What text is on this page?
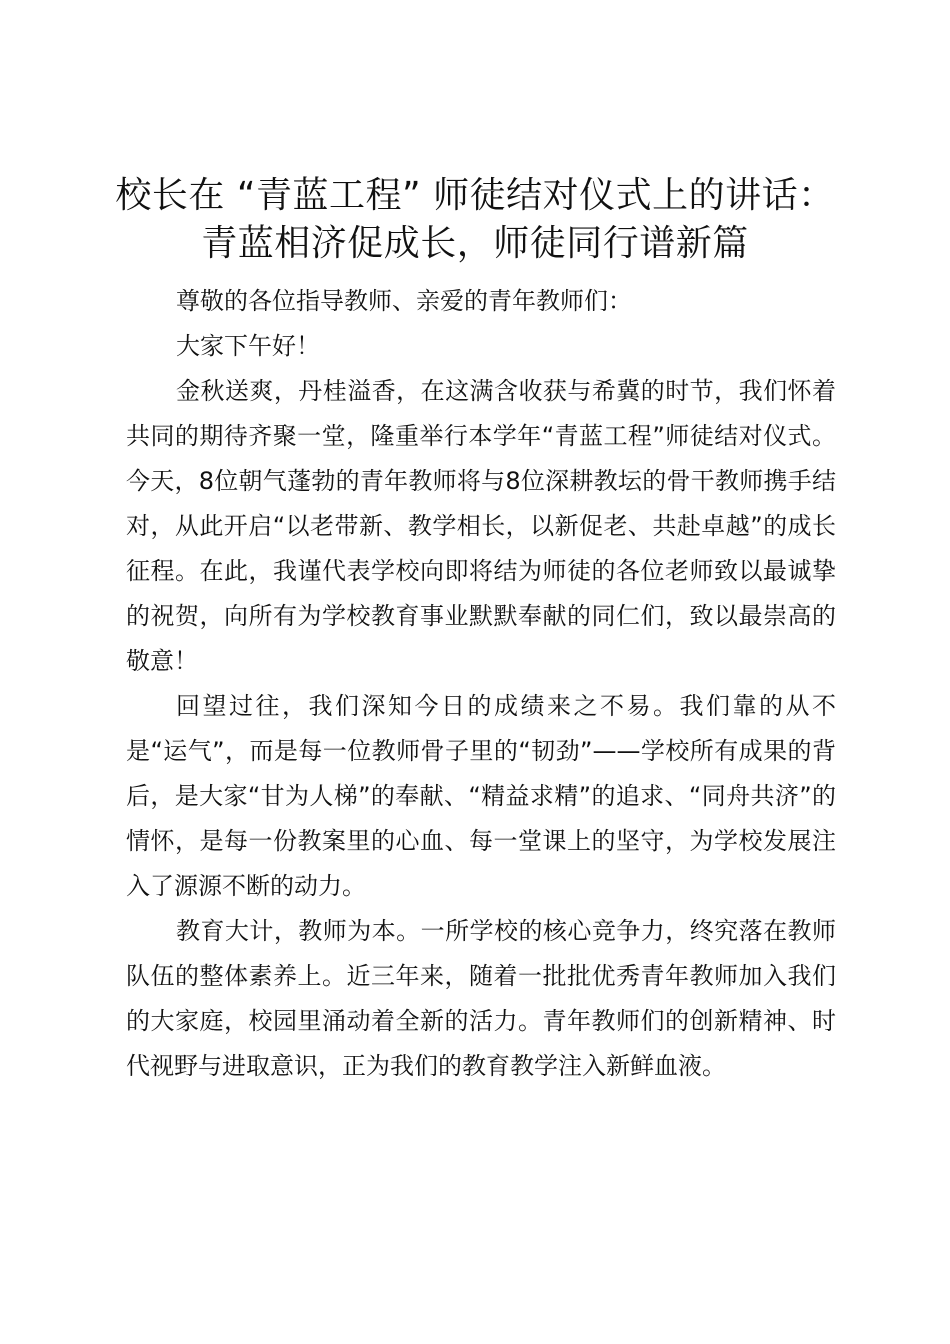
校长在 “青蓝工程” 师徒结对仪式上的讲话：
青蓝相济促成长，师徒同行谱新篇

尊敬的各位指导教师、亲爱的青年教师们：

大家下午好！

金秋送爽，丹桂溢香，在这满含收获与希冀的时节，我们怀着共同的期待齐聚一堂，隆重举行本学年“青蓝工程”师徒结对仪式。今天，8位朝气蓬勃的青年教师将与8位深耕教坛的骨干教师携手结对，从此开启“以老带新、教学相长，以新促老、共赴卓越”的成长征程。在此，我谨代表学校向即将结为师徒的各位老师致以最诚挚的祝贺，向所有为学校教育事业默默奉献的同仁们，致以最崇高的敬意！

回望过往，我们深知今日的成绩来之不易。我们靠的从不是“运气”，而是每一位教师骨子里的“韧劲”——学校所有成果的背后，是大家“甘为人梯”的奉献、“精益求精”的追求、“同舟共济”的情怀，是每一份教案里的心血、每一堂课上的坚守，为学校发展注入了源源不断的动力。

教育大计，教师为本。一所学校的核心竞争力，终究落在教师队伍的整体素养上。近三年来，随着一批批优秀青年教师加入我们的大家庭，校园里涌动着全新的活力。青年教师们的创新精神、时代视野与进取意识，正为我们的教育教学注入新鲜血液。
